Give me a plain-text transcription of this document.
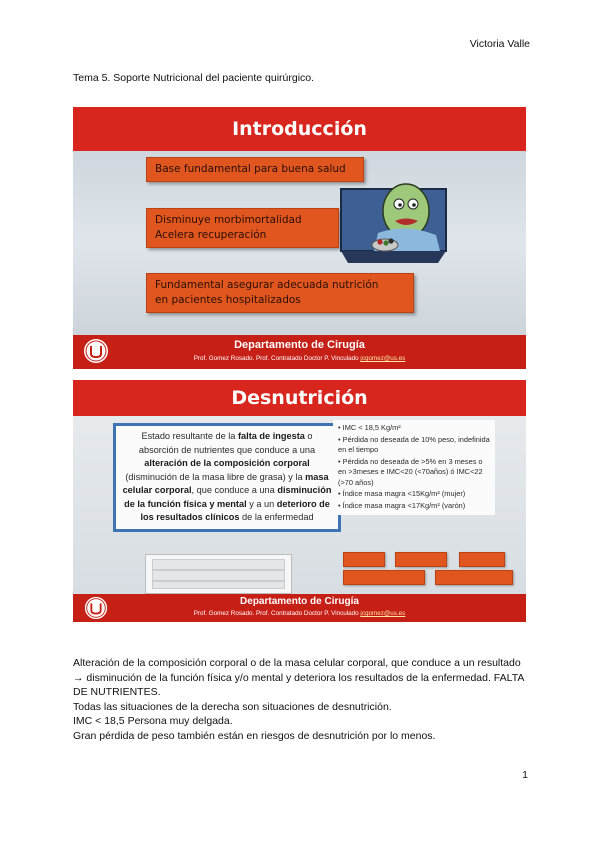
Victoria Valle
Tema 5. Soporte Nutricional del paciente quirúrgico.
Introducción
Base fundamental para buena salud
Disminuye morbimortalidad
Acelera recuperación
Fundamental asegurar adecuada nutrición
en pacientes hospitalizados
Departamento de Cirugía
Prof. Gomez Rosado. Prof. Contratado Doctor P. Vinculado jcgomez@us.es
Desnutrición
Estado resultante de la falta de ingesta o absorción de nutrientes que conduce a una alteración de la composición corporal (disminución de la masa libre de grasa) y la masa celular corporal, que conduce a una disminución de la función física y mental y a un deterioro de los resultados clínicos de la enfermedad
• IMC < 18,5 Kg/m²
• Pérdida no deseada de 10% peso, indefinida en el tiempo
• Pérdida no deseada de >5% en 3 meses o en >3meses e IMC<20 (<70años) ó IMC<22 (>70 años)
• Índice masa magra <15Kg/m² (mujer)
• Índice masa magra <17Kg/m² (varón)
Departamento de Cirugía
Prof. Gomez Rosado. Prof. Contratado Doctor P. Vinculado jcgomez@us.es

Alteración de la composición corporal o de la masa celular corporal, que conduce a un resultado → disminución de la función física y/o mental y deteriora los resultados de la enfermedad. FALTA DE NUTRIENTES.

Todas las situaciones de la derecha son situaciones de desnutrición.

IMC < 18,5 Persona muy delgada.

Gran pérdida de peso también están en riesgos de desnutrición por lo menos.

1
